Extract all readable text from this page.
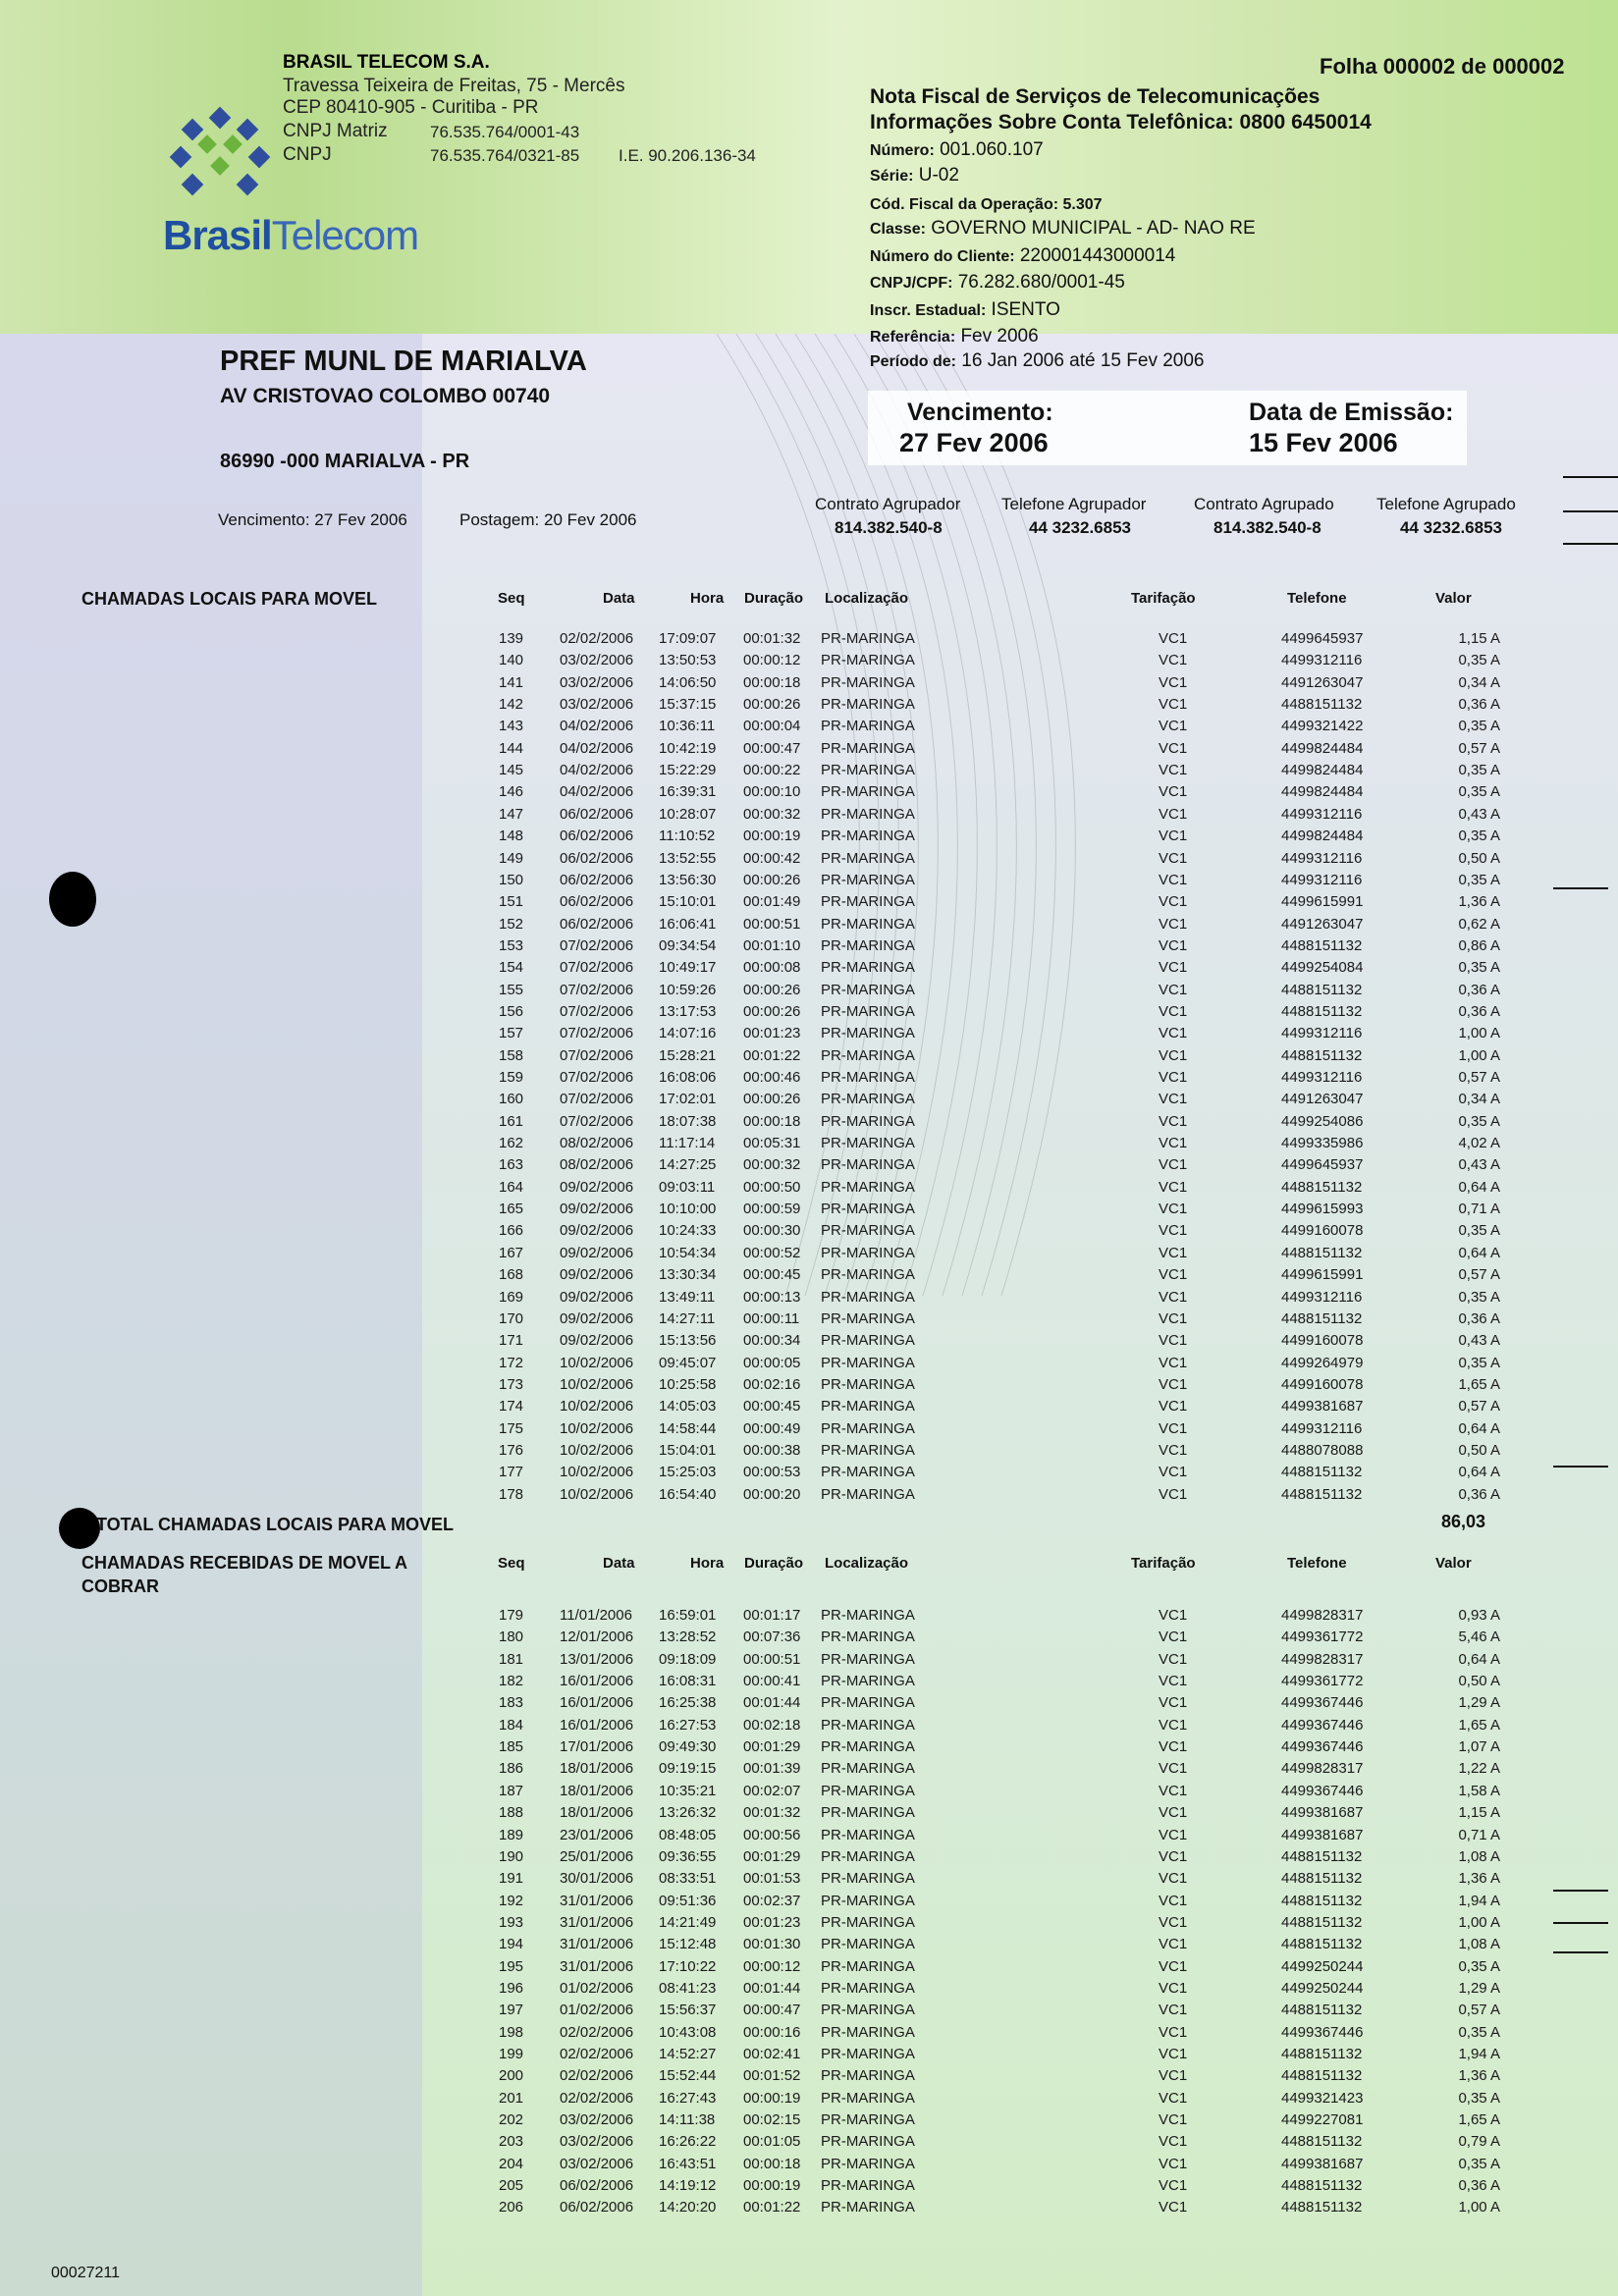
BrasilTelecom
BRASIL TELECOM S.A.
Travessa Teixeira de Freitas, 75 - Mercês
CEP 80410-905 - Curitiba - PR
CNPJ Matriz	76.535.764/0001-43
CNPJ	76.535.764/0321-85 I.E. 90.206.136-34
Folha 000002 de 000002
Nota Fiscal de Serviços de Telecomunicações
Informações Sobre Conta Telefônica: 0800 6450014
Número: 001.060.107
Série: U-02
Cód. Fiscal da Operação: 5.307
Classe: GOVERNO MUNICIPAL - AD- NAO RE
Número do Cliente: 220001443000014
CNPJ/CPF: 76.282.680/0001-45
Inscr. Estadual: ISENTO
Referência: Fev 2006
Período de: 16 Jan 2006 até 15 Fev 2006
Vencimento:
27 Fev 2006
Data de Emissão:
15 Fev 2006
PREF MUNL DE MARIALVA
AV CRISTOVAO COLOMBO 00740
86990 -000 MARIALVA - PR
Vencimento: 27 Fev 2006	Postagem: 20 Fev 2006
Contrato Agrupador
814.382.540-8
Telefone Agrupador
44 3232.6853
Contrato Agrupado
814.382.540-8
Telefone Agrupado
44 3232.6853
CHAMADAS LOCAIS PARA MOVEL	Seq	Data	Hora Duração Localização	Tarifação	Telefone	Valor
139 02/02/2006 17:09:07 00:01:32 PR-MARINGA	VC1	4499645937	1,15 A
140 03/02/2006 13:50:53 00:00:12 PR-MARINGA	VC1	4499312116	0,35 A
141 03/02/2006 14:06:50 00:00:18 PR-MARINGA	VC1	4491263047	0,34 A
142 03/02/2006 15:37:15 00:00:26 PR-MARINGA	VC1	4488151132	0,36 A
143 04/02/2006 10:36:11 00:00:04 PR-MARINGA	VC1	4499321422	0,35 A
144 04/02/2006 10:42:19 00:00:47 PR-MARINGA	VC1	4499824484	0,57 A
145 04/02/2006 15:22:29 00:00:22 PR-MARINGA	VC1	4499824484	0,35 A
146 04/02/2006 16:39:31 00:00:10 PR-MARINGA	VC1	4499824484	0,35 A
147 06/02/2006 10:28:07 00:00:32 PR-MARINGA	VC1	4499312116	0,43 A
148 06/02/2006 11:10:52 00:00:19 PR-MARINGA	VC1	4499824484	0,35 A
149 06/02/2006 13:52:55 00:00:42 PR-MARINGA	VC1	4499312116	0,50 A
150 06/02/2006 13:56:30 00:00:26 PR-MARINGA	VC1	4499312116	0,35 A
151 06/02/2006 15:10:01 00:01:49 PR-MARINGA	VC1	4499615991	1,36 A
152 06/02/2006 16:06:41 00:00:51 PR-MARINGA	VC1	4491263047	0,62 A
153 07/02/2006 09:34:54 00:01:10 PR-MARINGA	VC1	4488151132	0,86 A
154 07/02/2006 10:49:17 00:00:08 PR-MARINGA	VC1	4499254084	0,35 A
155 07/02/2006 10:59:26 00:00:26 PR-MARINGA	VC1	4488151132	0,36 A
156 07/02/2006 13:17:53 00:00:26 PR-MARINGA	VC1	4488151132	0,36 A
157 07/02/2006 14:07:16 00:01:23 PR-MARINGA	VC1	4499312116	1,00 A
158 07/02/2006 15:28:21 00:01:22 PR-MARINGA	VC1	4488151132	1,00 A
159 07/02/2006 16:08:06 00:00:46 PR-MARINGA	VC1	4499312116	0,57 A
160 07/02/2006 17:02:01 00:00:26 PR-MARINGA	VC1	4491263047	0,34 A
161 07/02/2006 18:07:38 00:00:18 PR-MARINGA	VC1	4499254086	0,35 A
162 08/02/2006 11:17:14 00:05:31 PR-MARINGA	VC1	4499335986	4,02 A
163 08/02/2006 14:27:25 00:00:32 PR-MARINGA	VC1	4499645937	0,43 A
164 09/02/2006 09:03:11 00:00:50 PR-MARINGA	VC1	4488151132	0,64 A
165 09/02/2006 10:10:00 00:00:59 PR-MARINGA	VC1	4499615993	0,71 A
166 09/02/2006 10:24:33 00:00:30 PR-MARINGA	VC1	4499160078	0,35 A
167 09/02/2006 10:54:34 00:00:52 PR-MARINGA	VC1	4488151132	0,64 A
168 09/02/2006 13:30:34 00:00:45 PR-MARINGA	VC1	4499615991	0,57 A
169 09/02/2006 13:49:11 00:00:13 PR-MARINGA	VC1	4499312116	0,35 A
170 09/02/2006 14:27:11 00:00:11 PR-MARINGA	VC1	4488151132	0,36 A
171 09/02/2006 15:13:56 00:00:34 PR-MARINGA	VC1	4499160078	0,43 A
172 10/02/2006 09:45:07 00:00:05 PR-MARINGA	VC1	4499264979	0,35 A
173 10/02/2006 10:25:58 00:02:16 PR-MARINGA	VC1	4499160078	1,65 A
174 10/02/2006 14:05:03 00:00:45 PR-MARINGA	VC1	4499381687	0,57 A
175 10/02/2006 14:58:44 00:00:49 PR-MARINGA	VC1	4499312116	0,64 A
176 10/02/2006 15:04:01 00:00:38 PR-MARINGA	VC1	4488078088	0,50 A
177 10/02/2006 15:25:03 00:00:53 PR-MARINGA	VC1	4488151132	0,64 A
178 10/02/2006 16:54:40 00:00:20 PR-MARINGA	VC1	4488151132	0,36 A
TOTAL CHAMADAS LOCAIS PARA MOVEL	86,03
CHAMADAS RECEBIDAS DE MOVEL A
COBRAR
Seq	Data	Hora Duração Localização	Tarifação	Telefone	Valor
179 11/01/2006 16:59:01 00:01:17 PR-MARINGA	VC1	4499828317	0,93 A
180 12/01/2006 13:28:52 00:07:36 PR-MARINGA	VC1	4499361772	5,46 A
181 13/01/2006 09:18:09 00:00:51 PR-MARINGA	VC1	4499828317	0,64 A
182 16/01/2006 16:08:31 00:00:41 PR-MARINGA	VC1	4499361772	0,50 A
183 16/01/2006 16:25:38 00:01:44 PR-MARINGA	VC1	4499367446	1,29 A
184 16/01/2006 16:27:53 00:02:18 PR-MARINGA	VC1	4499367446	1,65 A
185 17/01/2006 09:49:30 00:01:29 PR-MARINGA	VC1	4499367446	1,07 A
186 18/01/2006 09:19:15 00:01:39 PR-MARINGA	VC1	4499828317	1,22 A
187 18/01/2006 10:35:21 00:02:07 PR-MARINGA	VC1	4499367446	1,58 A
188 18/01/2006 13:26:32 00:01:32 PR-MARINGA	VC1	4499381687	1,15 A
189 23/01/2006 08:48:05 00:00:56 PR-MARINGA	VC1	4499381687	0,71 A
190 25/01/2006 09:36:55 00:01:29 PR-MARINGA	VC1	4488151132	1,08 A
191 30/01/2006 08:33:51 00:01:53 PR-MARINGA	VC1	4488151132	1,36 A
192 31/01/2006 09:51:36 00:02:37 PR-MARINGA	VC1	4488151132	1,94 A
193 31/01/2006 14:21:49 00:01:23 PR-MARINGA	VC1	4488151132	1,00 A
194 31/01/2006 15:12:48 00:01:30 PR-MARINGA	VC1	4488151132	1,08 A
195 31/01/2006 17:10:22 00:00:12 PR-MARINGA	VC1	4499250244	0,35 A
196 01/02/2006 08:41:23 00:01:44 PR-MARINGA	VC1	4499250244	1,29 A
197 01/02/2006 15:56:37 00:00:47 PR-MARINGA	VC1	4488151132	0,57 A
198 02/02/2006 10:43:08 00:00:16 PR-MARINGA	VC1	4499367446	0,35 A
199 02/02/2006 14:52:27 00:02:41 PR-MARINGA	VC1	4488151132	1,94 A
200 02/02/2006 15:52:44 00:01:52 PR-MARINGA	VC1	4488151132	1,36 A
201 02/02/2006 16:27:43 00:00:19 PR-MARINGA	VC1	4499321423	0,35 A
202 03/02/2006 14:11:38 00:02:15 PR-MARINGA	VC1	4499227081	1,65 A
203 03/02/2006 16:26:22 00:01:05 PR-MARINGA	VC1	4488151132	0,79 A
204 03/02/2006 16:43:51 00:00:18 PR-MARINGA	VC1	4499381687	0,35 A
205 06/02/2006 14:19:12 00:00:19 PR-MARINGA	VC1	4488151132	0,36 A
206 06/02/2006 14:20:20 00:01:22 PR-MARINGA	VC1	4488151132	1,00 A
00027211
